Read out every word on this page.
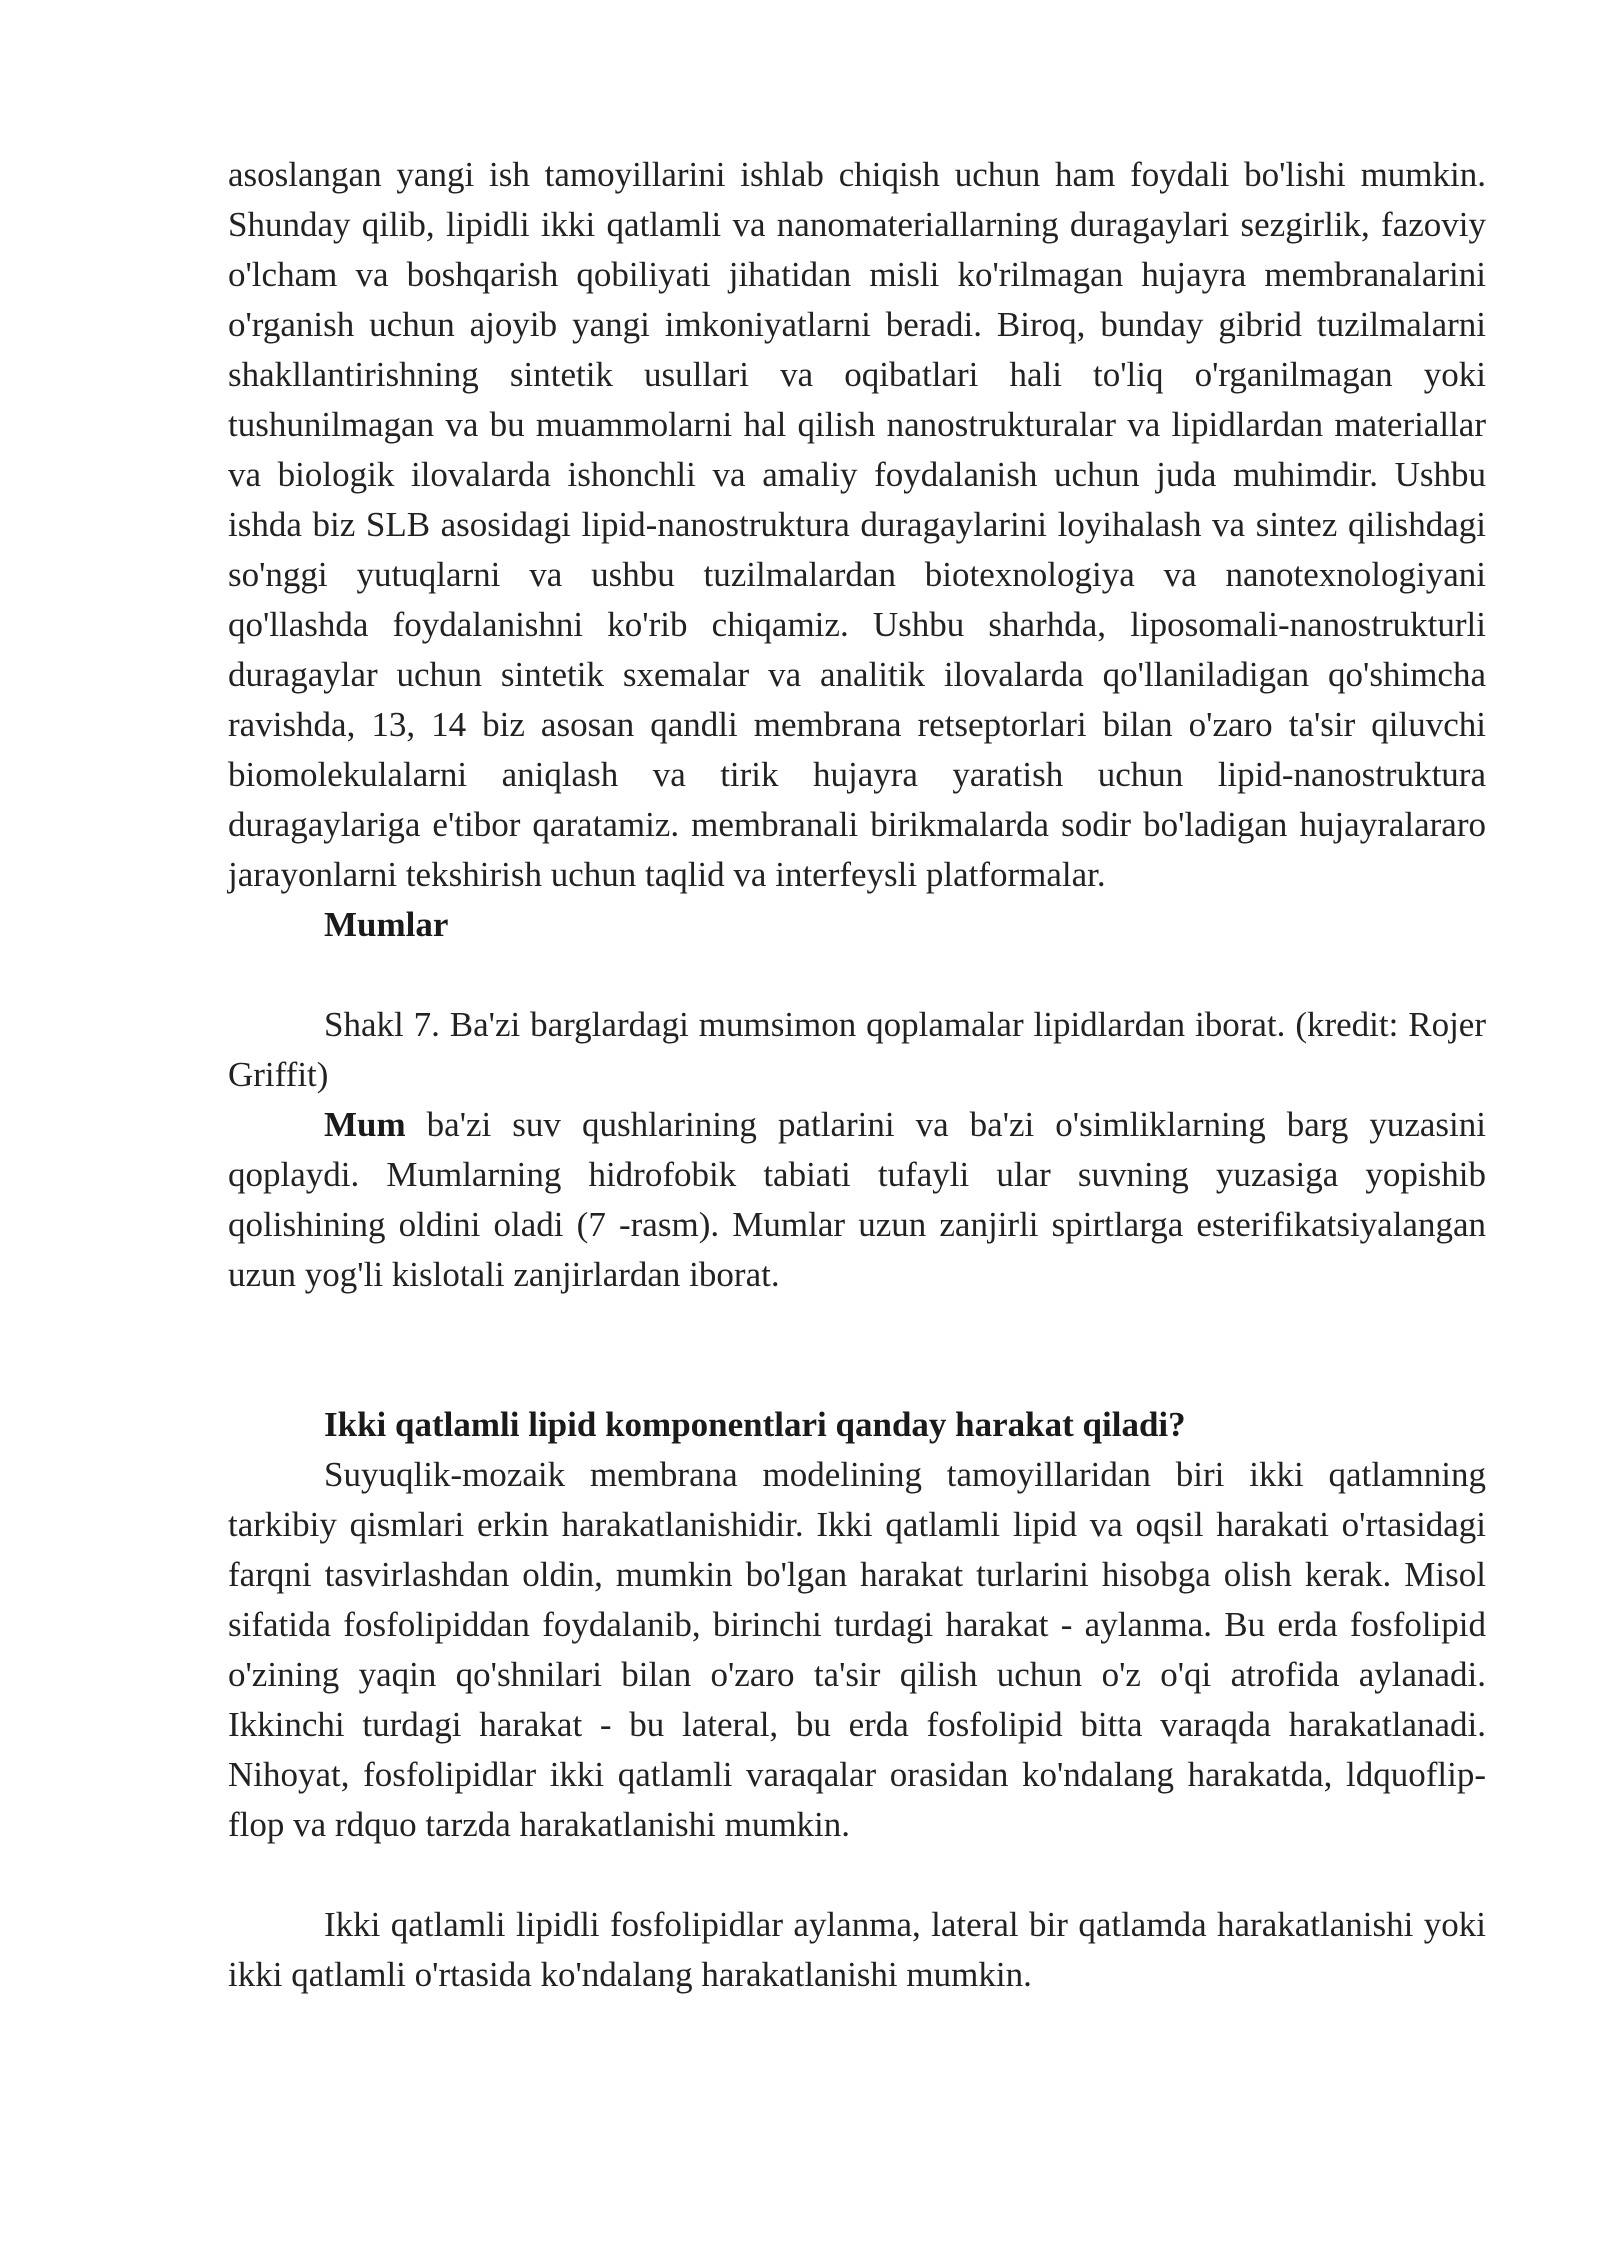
asoslangan yangi ish tamoyillarini ishlab chiqish uchun ham foydali bo'lishi mumkin. Shunday qilib, lipidli ikki qatlamli va nanomateriallarning duragaylari sezgirlik, fazoviy o'lcham va boshqarish qobiliyati jihatidan misli ko'rilmagan hujayra membranalarini o'rganish uchun ajoyib yangi imkoniyatlarni beradi. Biroq, bunday gibrid tuzilmalarni shakllantirishning sintetik usullari va oqibatlari hali to'liq o'rganilmagan yoki tushunilmagan va bu muammolarni hal qilish nanostrukturalar va lipidlardan materiallar va biologik ilovalarda ishonchli va amaliy foydalanish uchun juda muhimdir. Ushbu ishda biz SLB asosidagi lipid-nanostruktura duragaylarini loyihalash va sintez qilishdagi so'nggi yutuqlarni va ushbu tuzilmalardan biotexnologiya va nanotexnologiyani qo'llashda foydalanishni ko'rib chiqamiz. Ushbu sharhda, liposomali-nanostrukturli duragaylar uchun sintetik sxemalar va analitik ilovalarda qo'llaniladigan qo'shimcha ravishda, 13, 14 biz asosan qandli membrana retseptorlari bilan o'zaro ta'sir qiluvchi biomolekulalarni aniqlash va tirik hujayra yaratish uchun lipid-nanostruktura duragaylariga e'tibor qaratamiz. membranali birikmalarda sodir bo'ladigan hujayralararo jarayonlarni tekshirish uchun taqlid va interfeysli platformalar.

Mumlar

Shakl 7. Ba'zi barglardagi mumsimon qoplamalar lipidlardan iborat. (kredit: Rojer Griffit)

Mum ba'zi suv qushlarining patlarini va ba'zi o'simliklarning barg yuzasini qoplaydi. Mumlarning hidrofobik tabiati tufayli ular suvning yuzasiga yopishib qolishining oldini oladi (7 -rasm). Mumlar uzun zanjirli spirtlarga esterifikatsiyalangan uzun yog'li kislotali zanjirlardan iborat.

Ikki qatlamli lipid komponentlari qanday harakat qiladi?

Suyuqlik-mozaik membrana modelining tamoyillaridan biri ikki qatlamning tarkibiy qismlari erkin harakatlanishidir. Ikki qatlamli lipid va oqsil harakati o'rtasidagi farqni tasvirlashdan oldin, mumkin bo'lgan harakat turlarini hisobga olish kerak. Misol sifatida fosfolipiddan foydalanib, birinchi turdagi harakat - aylanma. Bu erda fosfolipid o'zining yaqin qo'shnilari bilan o'zaro ta'sir qilish uchun o'z o'qi atrofida aylanadi. Ikkinchi turdagi harakat - bu lateral, bu erda fosfolipid bitta varaqda harakatlanadi. Nihoyat, fosfolipidlar ikki qatlamli varaqalar orasidan ko'ndalang harakatda, ldquoflip-flop va rdquo tarzda harakatlanishi mumkin.

Ikki qatlamli lipidli fosfolipidlar aylanma, lateral bir qatlamda harakatlanishi yoki ikki qatlamli o'rtasida ko'ndalang harakatlanishi mumkin.
